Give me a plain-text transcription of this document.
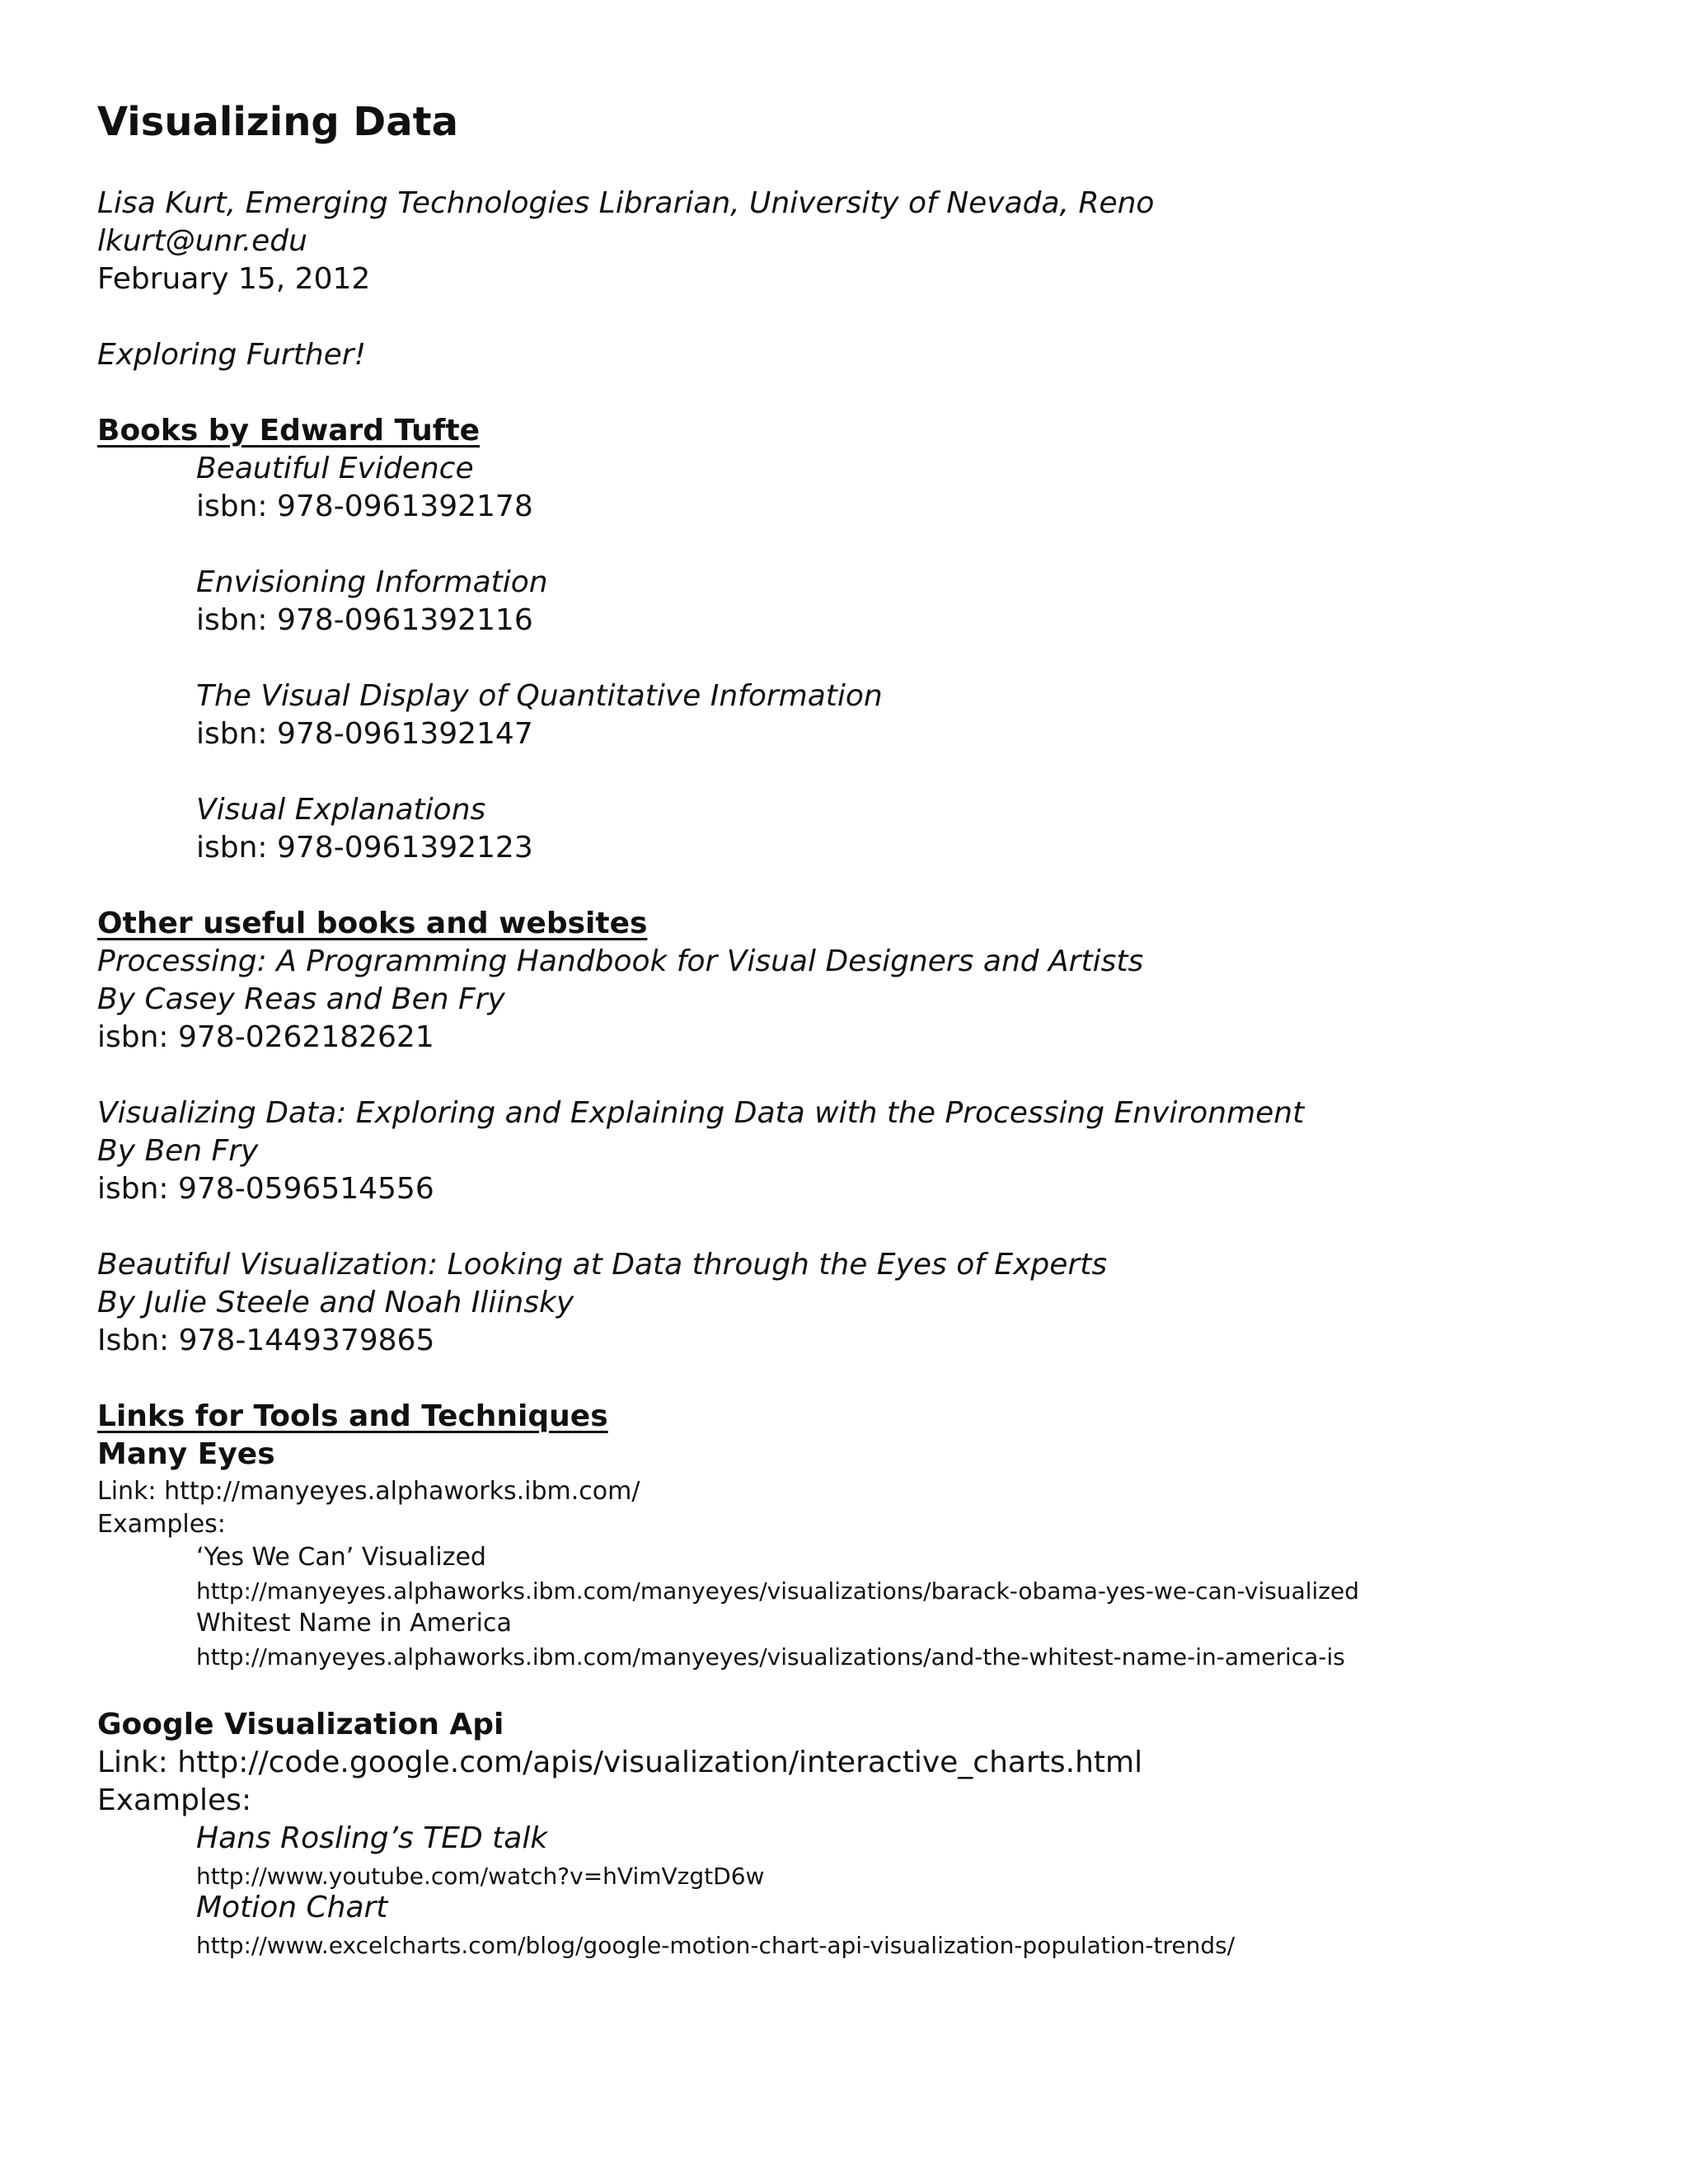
Visualizing Data
Lisa Kurt, Emerging Technologies Librarian, University of Nevada, Reno
lkurt@unr.edu
February 15, 2012
Exploring Further!
Books by Edward Tufte
Beautiful Evidence
isbn: 978-0961392178
Envisioning Information
isbn: 978-0961392116
The Visual Display of Quantitative Information
isbn: 978-0961392147
Visual Explanations
isbn: 978-0961392123
Other useful books and websites
Processing: A Programming Handbook for Visual Designers and Artists
By Casey Reas and Ben Fry
isbn: 978-0262182621
Visualizing Data: Exploring and Explaining Data with the Processing Environment
By Ben Fry
isbn: 978-0596514556
Beautiful Visualization: Looking at Data through the Eyes of Experts
By Julie Steele and Noah Iliinsky
Isbn: 978-1449379865
Links for Tools and Techniques
Many Eyes
Link: http://manyeyes.alphaworks.ibm.com/
Examples:
‘Yes We Can’ Visualized
http://manyeyes.alphaworks.ibm.com/manyeyes/visualizations/barack-obama-yes-we-can-visualized
Whitest Name in America
http://manyeyes.alphaworks.ibm.com/manyeyes/visualizations/and-the-whitest-name-in-america-is
Google Visualization Api
Link: http://code.google.com/apis/visualization/interactive_charts.html
Examples:
Hans Rosling’s TED talk
http://www.youtube.com/watch?v=hVimVzgtD6w
Motion Chart
http://www.excelcharts.com/blog/google-motion-chart-api-visualization-population-trends/
